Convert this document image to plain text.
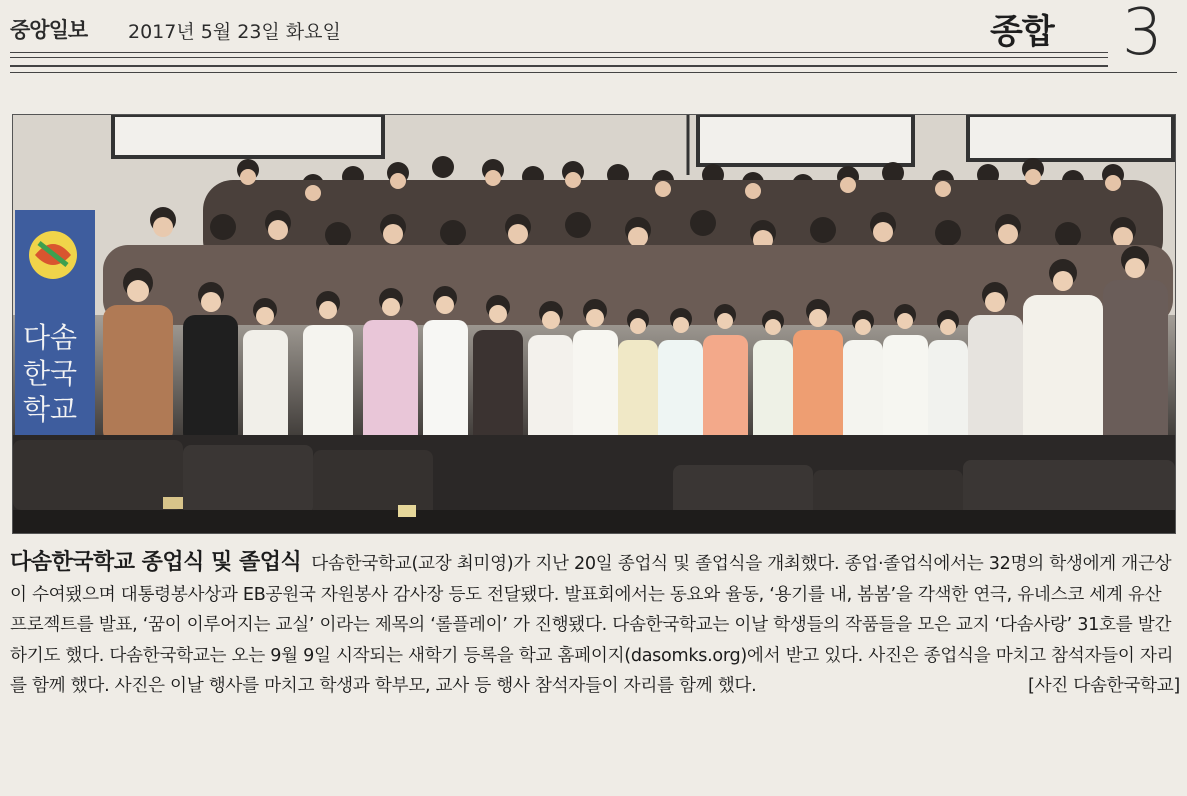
중앙일보 2017년 5월 23일 화요일	종합 3
다솜
한국
학교
다솜한국학교 종업식 및 졸업식 다솜한국학교(교장 최미영)가 지난 20일 종업식 및 졸업식을 개최했다. 종업·졸업식에서는 32명의 학생에게 개근상이 수여됐으며 대통령봉사상과 EB공원국 자원봉사 감사장 등도 전달됐다. 발표회에서는 동요와 율동, ‘용기를 내, 봄봄’을 각색한 연극, 유네스코 세계 유산 프로젝트를 발표, ‘꿈이 이루어지는 교실’ 이라는 제목의 ‘롤플레이’ 가 진행됐다. 다솜한국학교는 이날 학생들의 작품들을 모은 교지 ‘다솜사랑’ 31호를 발간하기도 했다. 다솜한국학교는 오는 9월 9일 시작되는 새학기 등록을 학교 홈페이지(dasomks.org)에서 받고 있다. 사진은 종업식을 마치고 참석자들이 자리를 함께 했다. 사진은 이날 행사를 마치고 학생과 학부모, 교사 등 행사 참석자들이 자리를 함께 했다.	[사진 다솜한국학교]
